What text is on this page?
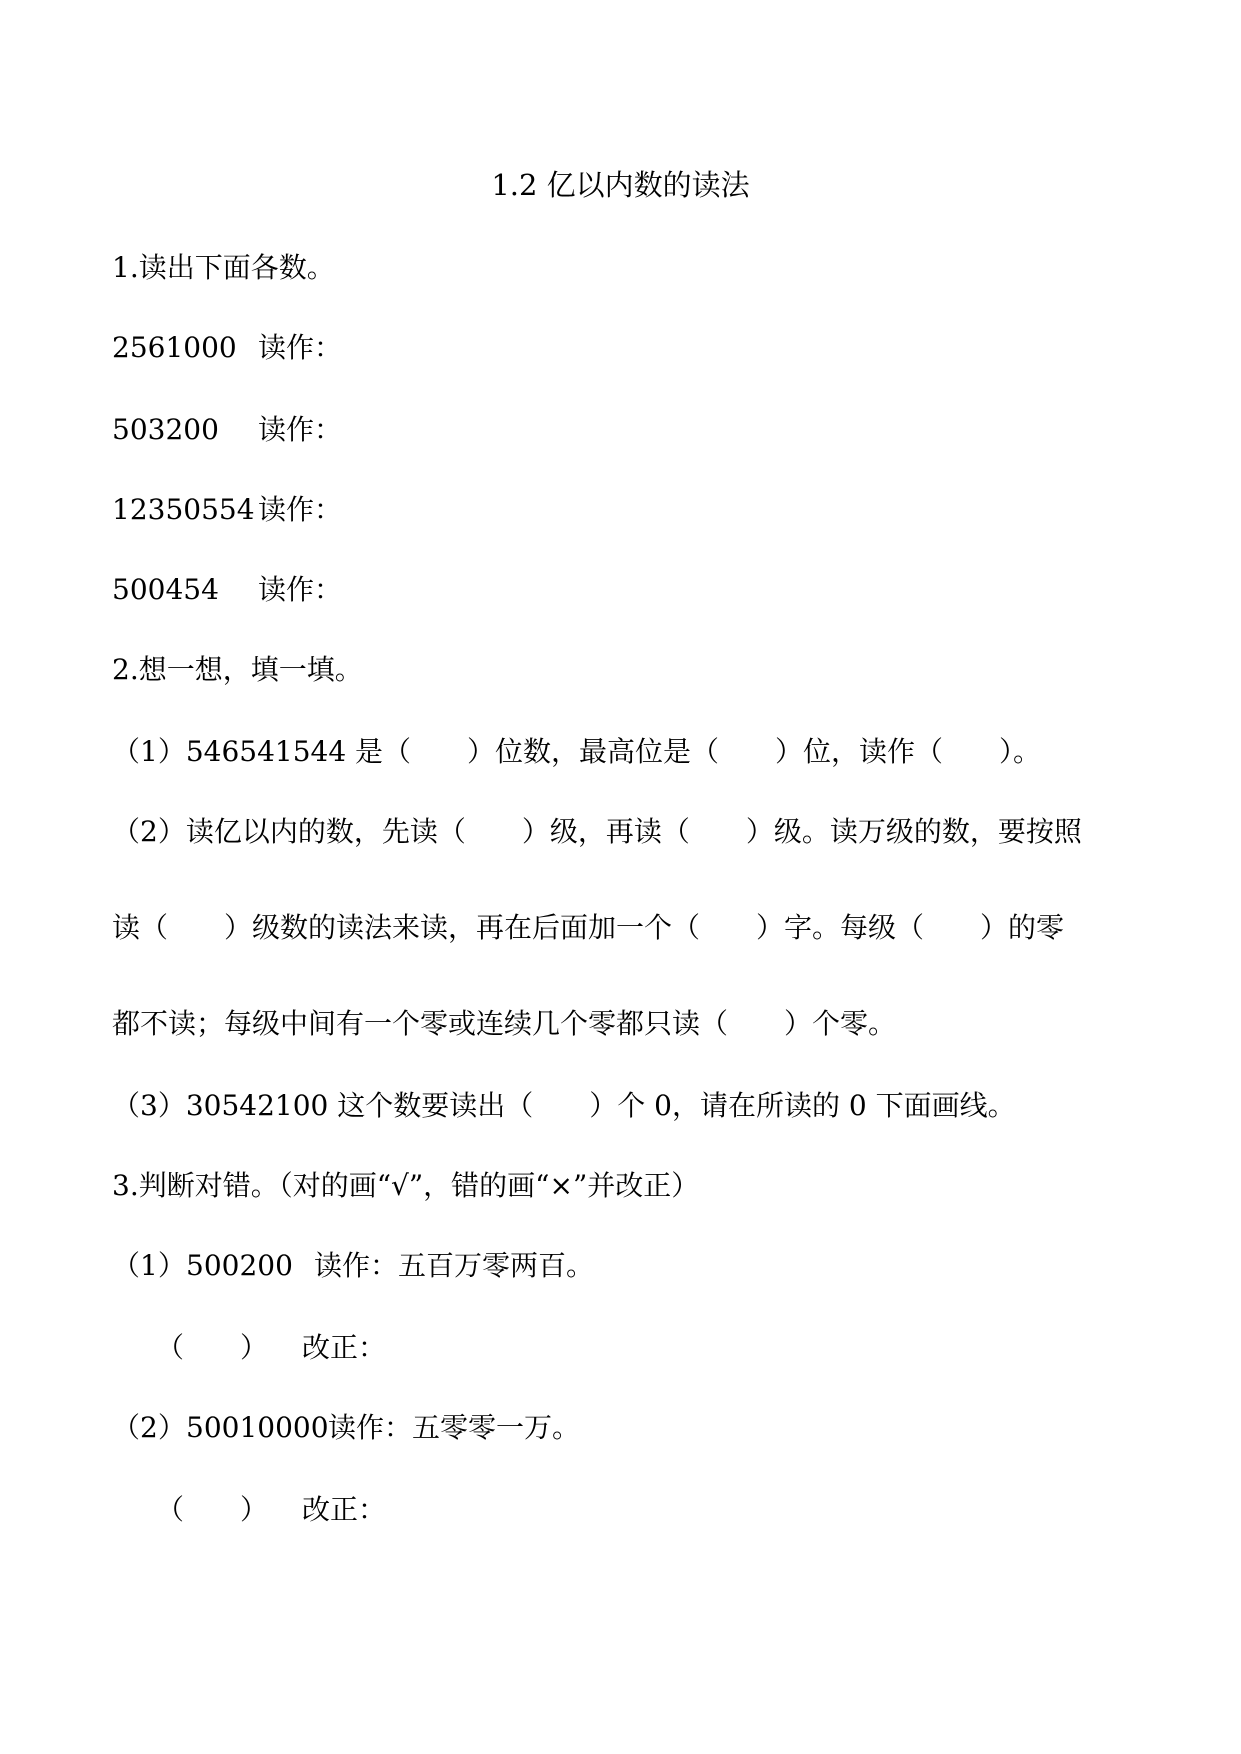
1.2 亿以内数的读法
1.读出下面各数。
2561000 读作：
503200 读作：
12350554 读作：
500454 读作：
2.想一想，填一填。
（1）546541544 是（　　）位数，最高位是（　　）位，读作（　　）。
（2）读亿以内的数，先读（　　）级，再读（　　）级。读万级的数，要按照
读（　　）级数的读法来读，再在后面加一个（　　）字。每级（　　）的零
都不读；每级中间有一个零或连续几个零都只读（　　）个零。
（3）30542100 这个数要读出（　　）个 0，请在所读的 0 下面画线。
3.判断对错。（对的画“√”，错的画“×”并改正）
（1） 500200 读作：五百万零两百。
（　　） 改正：
（2） 50010000 读作：五零零一万。
（　　） 改正：
